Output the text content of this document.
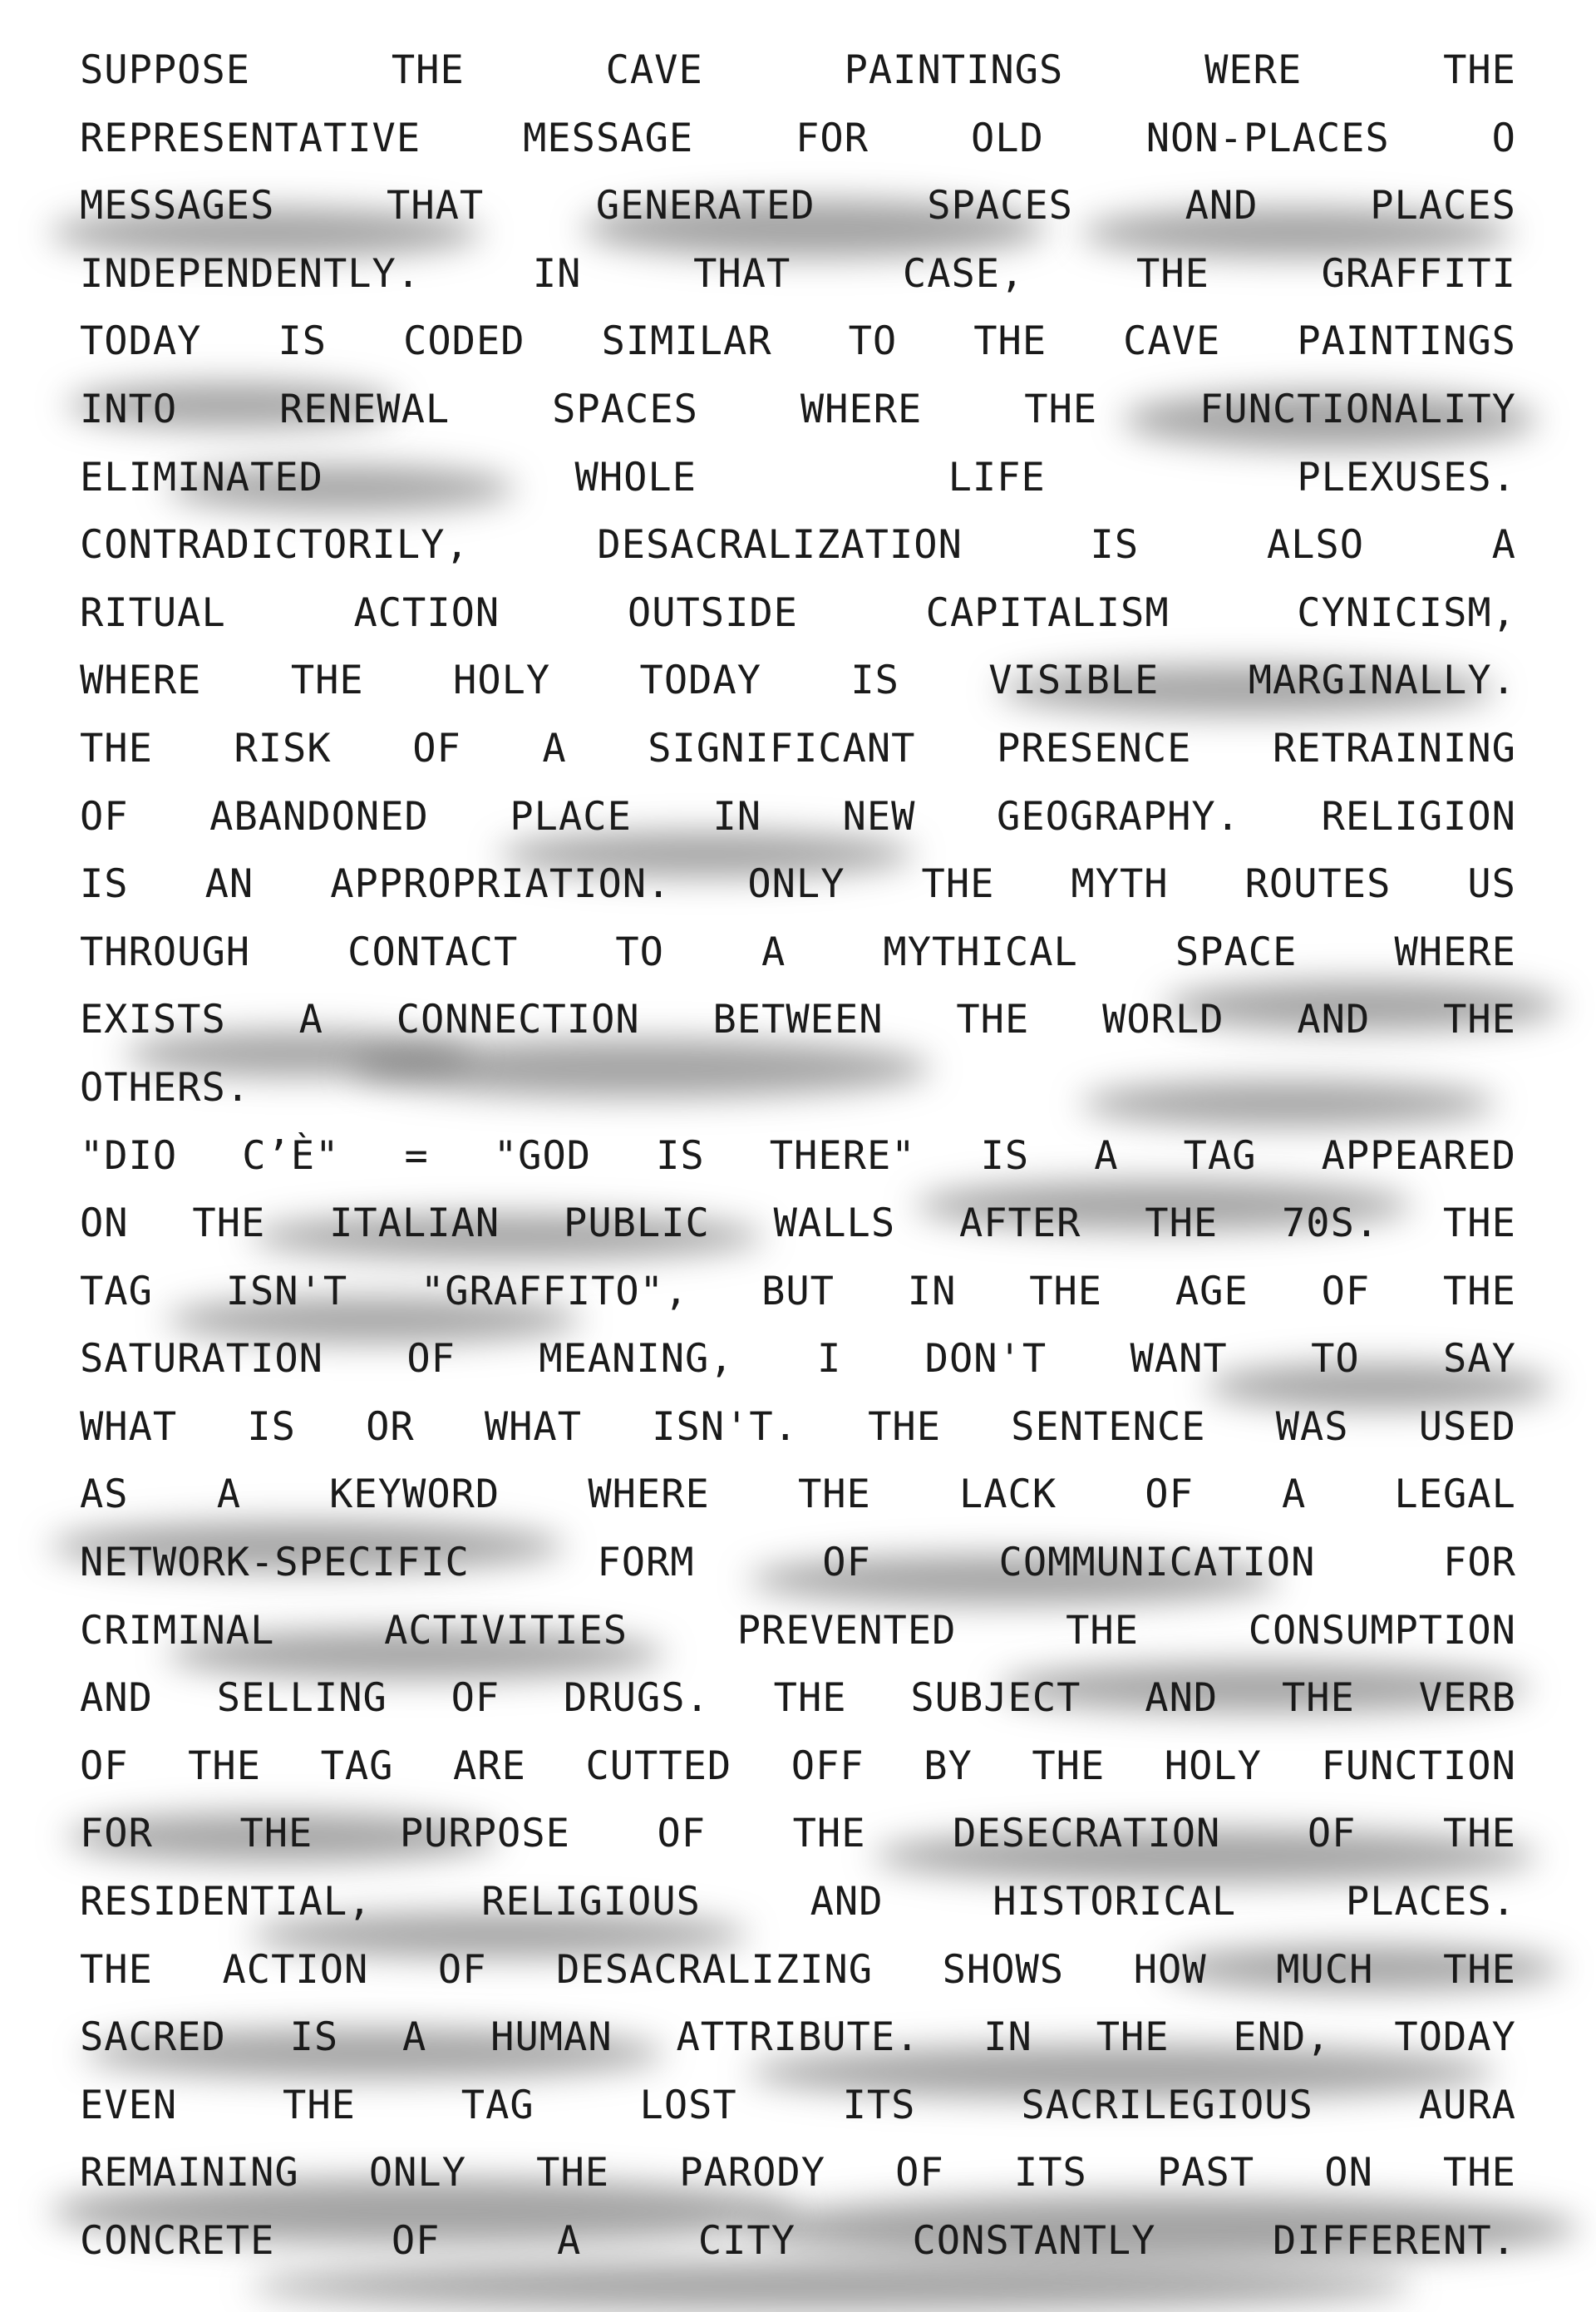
SUPPOSE	THE	CAVE	PAINTINGS	WERE	THE
REPRESENTATIVE	MESSAGE	FOR	OLD	NON-PLACES	O
MESSAGES	THAT	GENERATED	SPACES	AND	PLACES
INDEPENDENTLY.	IN	THAT	CASE,	THE	GRAFFITI
TODAY IS CODED SIMILAR TO THE CAVE PAINTINGS
INTO	RENEWAL	SPACES	WHERE	THE	FUNCTIONALITY
ELIMINATED	WHOLE	LIFE	PLEXUSES.
CONTRADICTORILY,	DESACRALIZATION	IS	ALSO	A
RITUAL	ACTION	OUTSIDE	CAPITALISM	CYNICISM,
WHERE THE HOLY TODAY IS VISIBLE MARGINALLY.
THE RISK OF A SIGNIFICANT PRESENCE RETRAINING
OF ABANDONED PLACE IN NEW GEOGRAPHY. RELIGION
IS AN APPROPRIATION. ONLY THE MYTH ROUTES US
THROUGH CONTACT TO A MYTHICAL SPACE WHERE
EXISTS A CONNECTION BETWEEN THE WORLD AND THE
OTHERS.
"DIO C’È" = "GOD IS THERE" IS A TAG APPEARED
ON THE ITALIAN PUBLIC WALLS AFTER THE 70S. THE
TAG ISN'T "GRAFFITO", BUT IN THE AGE OF THE
SATURATION OF MEANING, I DON'T WANT TO SAY
WHAT IS OR WHAT ISN'T. THE SENTENCE WAS USED
AS A KEYWORD WHERE THE LACK OF A LEGAL
NETWORK-SPECIFIC	FORM	OF	COMMUNICATION	FOR
CRIMINAL	ACTIVITIES	PREVENTED	THE	CONSUMPTION
AND SELLING OF DRUGS. THE SUBJECT AND THE VERB
OF THE TAG ARE CUTTED OFF BY THE HOLY FUNCTION
FOR THE PURPOSE OF THE DESECRATION OF THE
RESIDENTIAL,	RELIGIOUS	AND	HISTORICAL	PLACES.
THE ACTION OF DESACRALIZING SHOWS HOW MUCH THE
SACRED IS A HUMAN ATTRIBUTE. IN THE END, TODAY
EVEN	THE	TAG	LOST	ITS	SACRILEGIOUS	AURA
REMAINING ONLY THE PARODY OF ITS PAST ON THE
CONCRETE	OF	A	CITY	CONSTANTLY	DIFFERENT.
